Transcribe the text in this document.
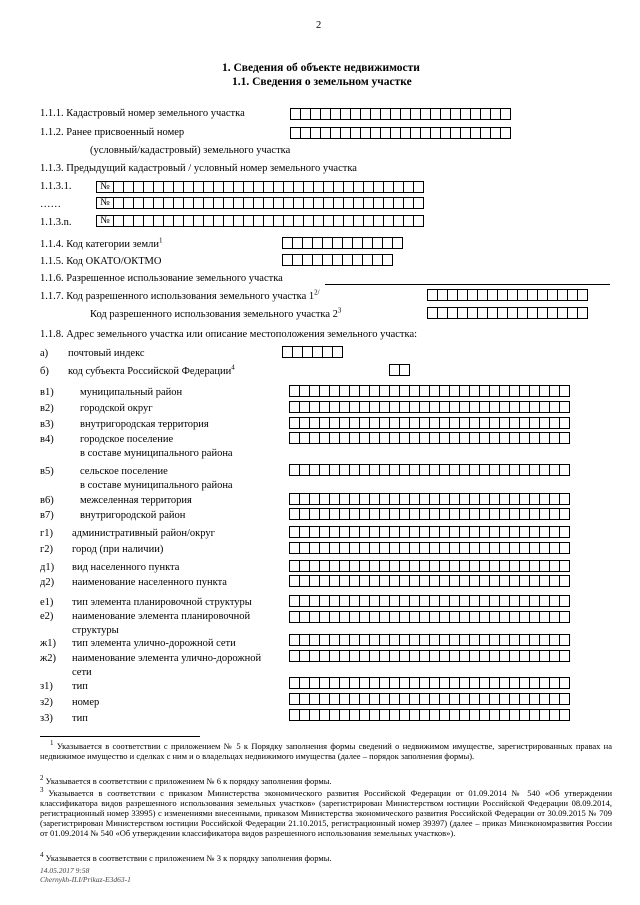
2
1. Сведения об объекте недвижимости
1.1. Сведения о земельном участке
1.1.1. Кадастровый номер земельного участка
1.1.2. Ранее присвоенный номер
(условный/кадастровый) земельного участка
1.1.3. Предыдущий кадастровый / условный номер земельного участка
1.1.3.1.	№
……	№
1.1.3.n.	№
1.1.4. Код категории земли$^1$
1.1.5. Код ОКАТО/ОКТМО
1.1.6. Разрешенное использование земельного участка
1.1.7. Код разрешенного использования земельного участка $1^{2/}$
Код разрешенного использования земельного участка $2^3$
1.1.8. Адрес земельного участка или описание местоположения земельного участка:
а) почтовый индекс
б) код субъекта Российской Федерации$^4$
в1)	муниципальный район
в2)	городской округ
в3)	внутригородская территория
в4)	городское поселение
в составе муниципального района
в5)	сельское поселение
в составе муниципального района
в6)	межселенная территория
в7)	внутригородской район
г1) административный район/округ
г2) город (при наличии)
д1) вид населенного пункта
д2) наименование населенного пункта
е1) тип элемента планировочной структуры
е2) наименование элемента планировочной
структуры
ж1) тип элемента улично-дорожной сети
ж2) наименование элемента улично-дорожной
сети
з1) тип
з2) номер
з3) тип
$^1$ Указывается в соответствии с приложением № 5 к Порядку заполнения формы сведений о недвижимом имуществе, зарегистрированных правах на недвижимое имущество и сделках с ним и о владельцах недвижимого имущества (далее – порядок заполнения формы).
$^2$ Указывается в соответствии с приложением № 6 к порядку заполнения формы.
$^3$ Указывается в соответствии с приказом Министерства экономического развития Российской Федерации от 01.09.2014 № 540 «Об утверждении классификатора видов разрешенного использования земельных участков» (зарегистрирован Министерством юстиции Российской Федерации 08.09.2014, регистрационный номер 33995) с изменениями внесенными, приказом Министерства экономического развития Российской Федерации от 30.09.2015 № 709 (зарегистрирован Министерством юстиции Российской Федерации 21.10.2015, регистрационный номер 39397) (далее – приказ Минэкономразвития России от 01.09.2014 № 540 «Об утверждении классификатора видов разрешенного использования земельных участков»).
$^4$ Указывается в соответствии с приложением № 3 к порядку заполнения формы.
14.05.2017 9:58
Chernykh-ILI/Prikaz-E3d63-1
